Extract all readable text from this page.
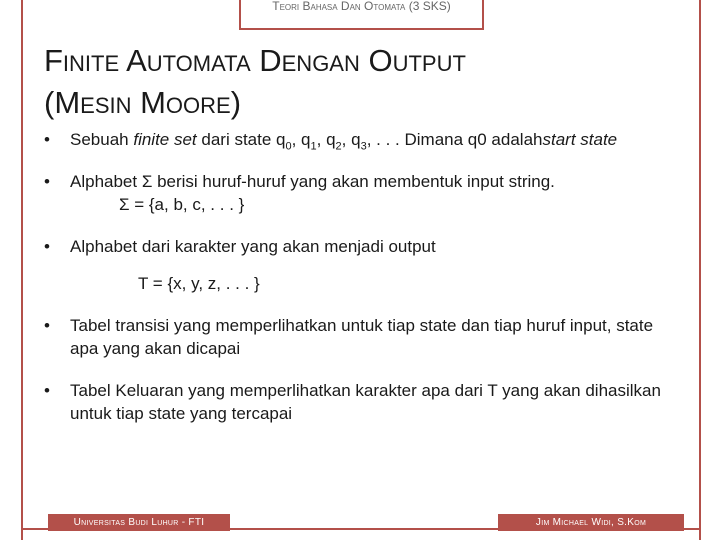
Teori Bahasa Dan Otomata (3 SKS)
Finite Automata Dengan Output
(Mesin Moore)
• Sebuah finite set dari state $q_0$, $q_1$, $q_2$, $q_3$, . . . Dimana q0 adalahstart state
• Alphabet Σ berisi huruf-huruf yang akan membentuk input string.
Σ = {a, b, c, . . . }
• Alphabet dari karakter yang akan menjadi output
T = {x, y, z, . . . }
• Tabel transisi yang memperlihatkan untuk tiap state dan tiap huruf input, state apa yang akan dicapai
• Tabel Keluaran yang memperlihatkan karakter apa dari T yang akan dihasilkan untuk tiap state yang tercapai
Universitas Budi Luhur - FTI	Jim Michael Widi, S.Kom
